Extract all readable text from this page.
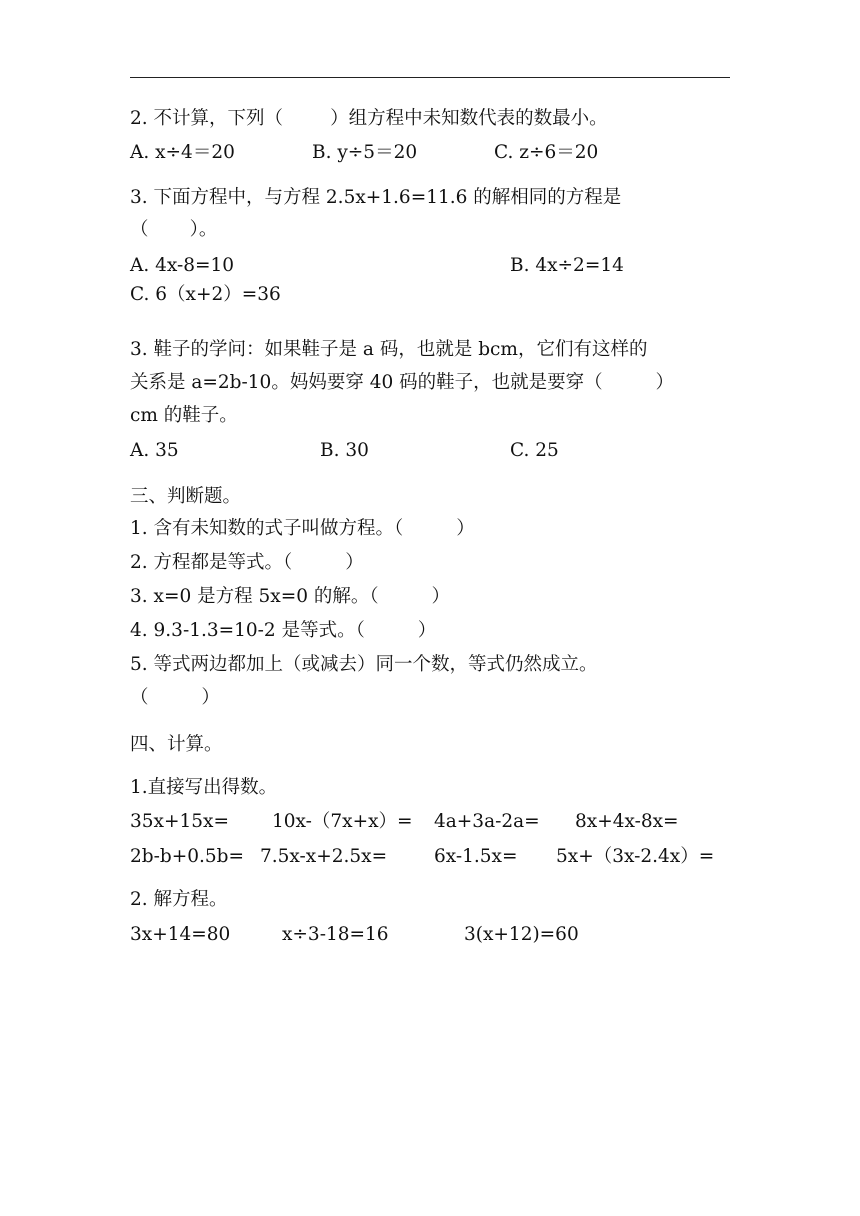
2. 不计算，下列（        ）组方程中未知数代表的数最小。
A. x÷4＝20	B. y÷5＝20	C. z÷6＝20
3. 下面方程中，与方程 2.5x+1.6=11.6 的解相同的方程是
（       ）。
A. 4x-8=10	B. 4x÷2=14
C. 6（x+2）=36
3. 鞋子的学问：如果鞋子是 a 码，也就是 bcm，它们有这样的
关系是 a=2b-10。妈妈要穿 40 码的鞋子，也就是要穿（         ）
cm 的鞋子。
A. 35	B. 30	C. 25
三、判断题。
1. 含有未知数的式子叫做方程。（         ）
2. 方程都是等式。（         ）
3. x=0 是方程 5x=0 的解。（         ）
4. 9.3-1.3=10-2 是等式。（         ）
5. 等式两边都加上（或减去）同一个数，等式仍然成立。
（         ）
四、计算。
1.直接写出得数。
35x+15x= 10x-（7x+x）= 4a+3a-2a= 8x+4x-8x=
2b-b+0.5b= 7.5x-x+2.5x=	6x-1.5x= 5x+（3x-2.4x）=
2. 解方程。
3x+14=80	x÷3-18=16	3(x+12)=60
